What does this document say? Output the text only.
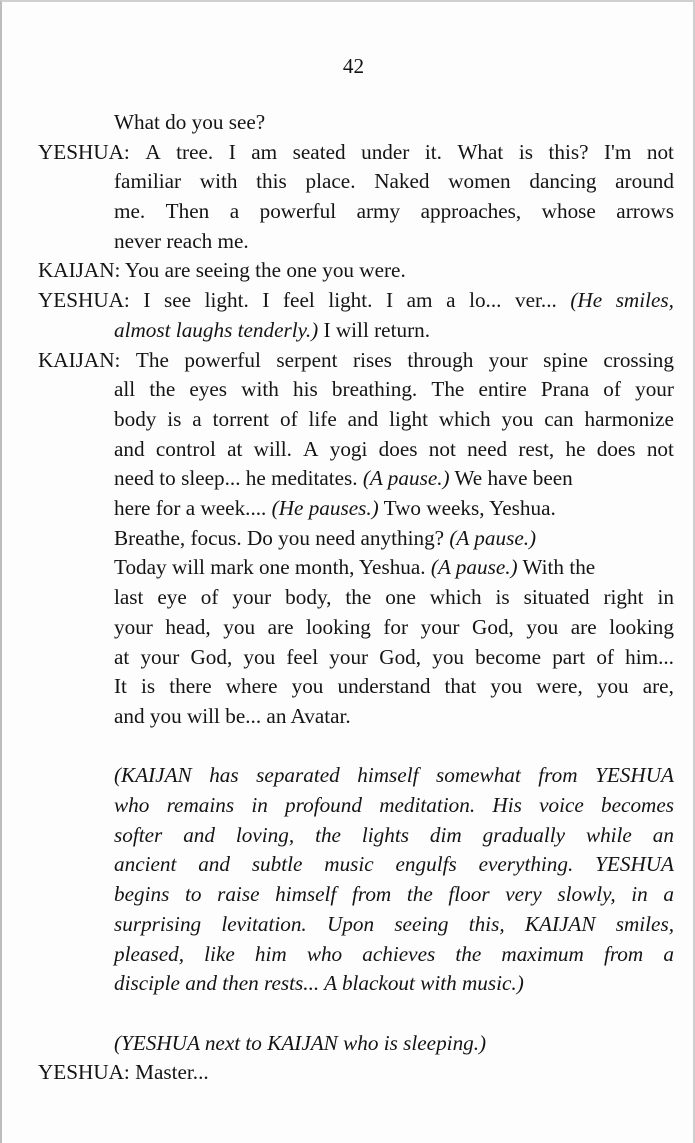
42
What do you see?
YESHUA: A tree. I am seated under it. What is this? I'm not
familiar with this place. Naked women dancing around
me. Then a powerful army approaches, whose arrows
never reach me.
KAIJAN: You are seeing the one you were.
YESHUA: I see light. I feel light. I am a lo... ver... (He smiles,
almost laughs tenderly.) I will return.
KAIJAN: The powerful serpent rises through your spine crossing
all the eyes with his breathing. The entire Prana of your
body is a torrent of life and light which you can harmonize
and control at will. A yogi does not need rest, he does not
need to sleep... he meditates. (A pause.) We have been
here for a week.... (He pauses.) Two weeks, Yeshua.
Breathe, focus. Do you need anything? (A pause.)
Today will mark one month, Yeshua. (A pause.) With the
last eye of your body, the one which is situated right in
your head, you are looking for your God, you are looking
at your God, you feel your God, you become part of him...
It is there where you understand that you were, you are,
and you will be... an Avatar.
(KAIJAN has separated himself somewhat from YESHUA
who remains in profound meditation. His voice becomes
softer and loving, the lights dim gradually while an
ancient and subtle music engulfs everything. YESHUA
begins to raise himself from the floor very slowly, in a
surprising levitation. Upon seeing this, KAIJAN smiles,
pleased, like him who achieves the maximum from a
disciple and then rests... A blackout with music.)
(YESHUA next to KAIJAN who is sleeping.)
YESHUA: Master...
